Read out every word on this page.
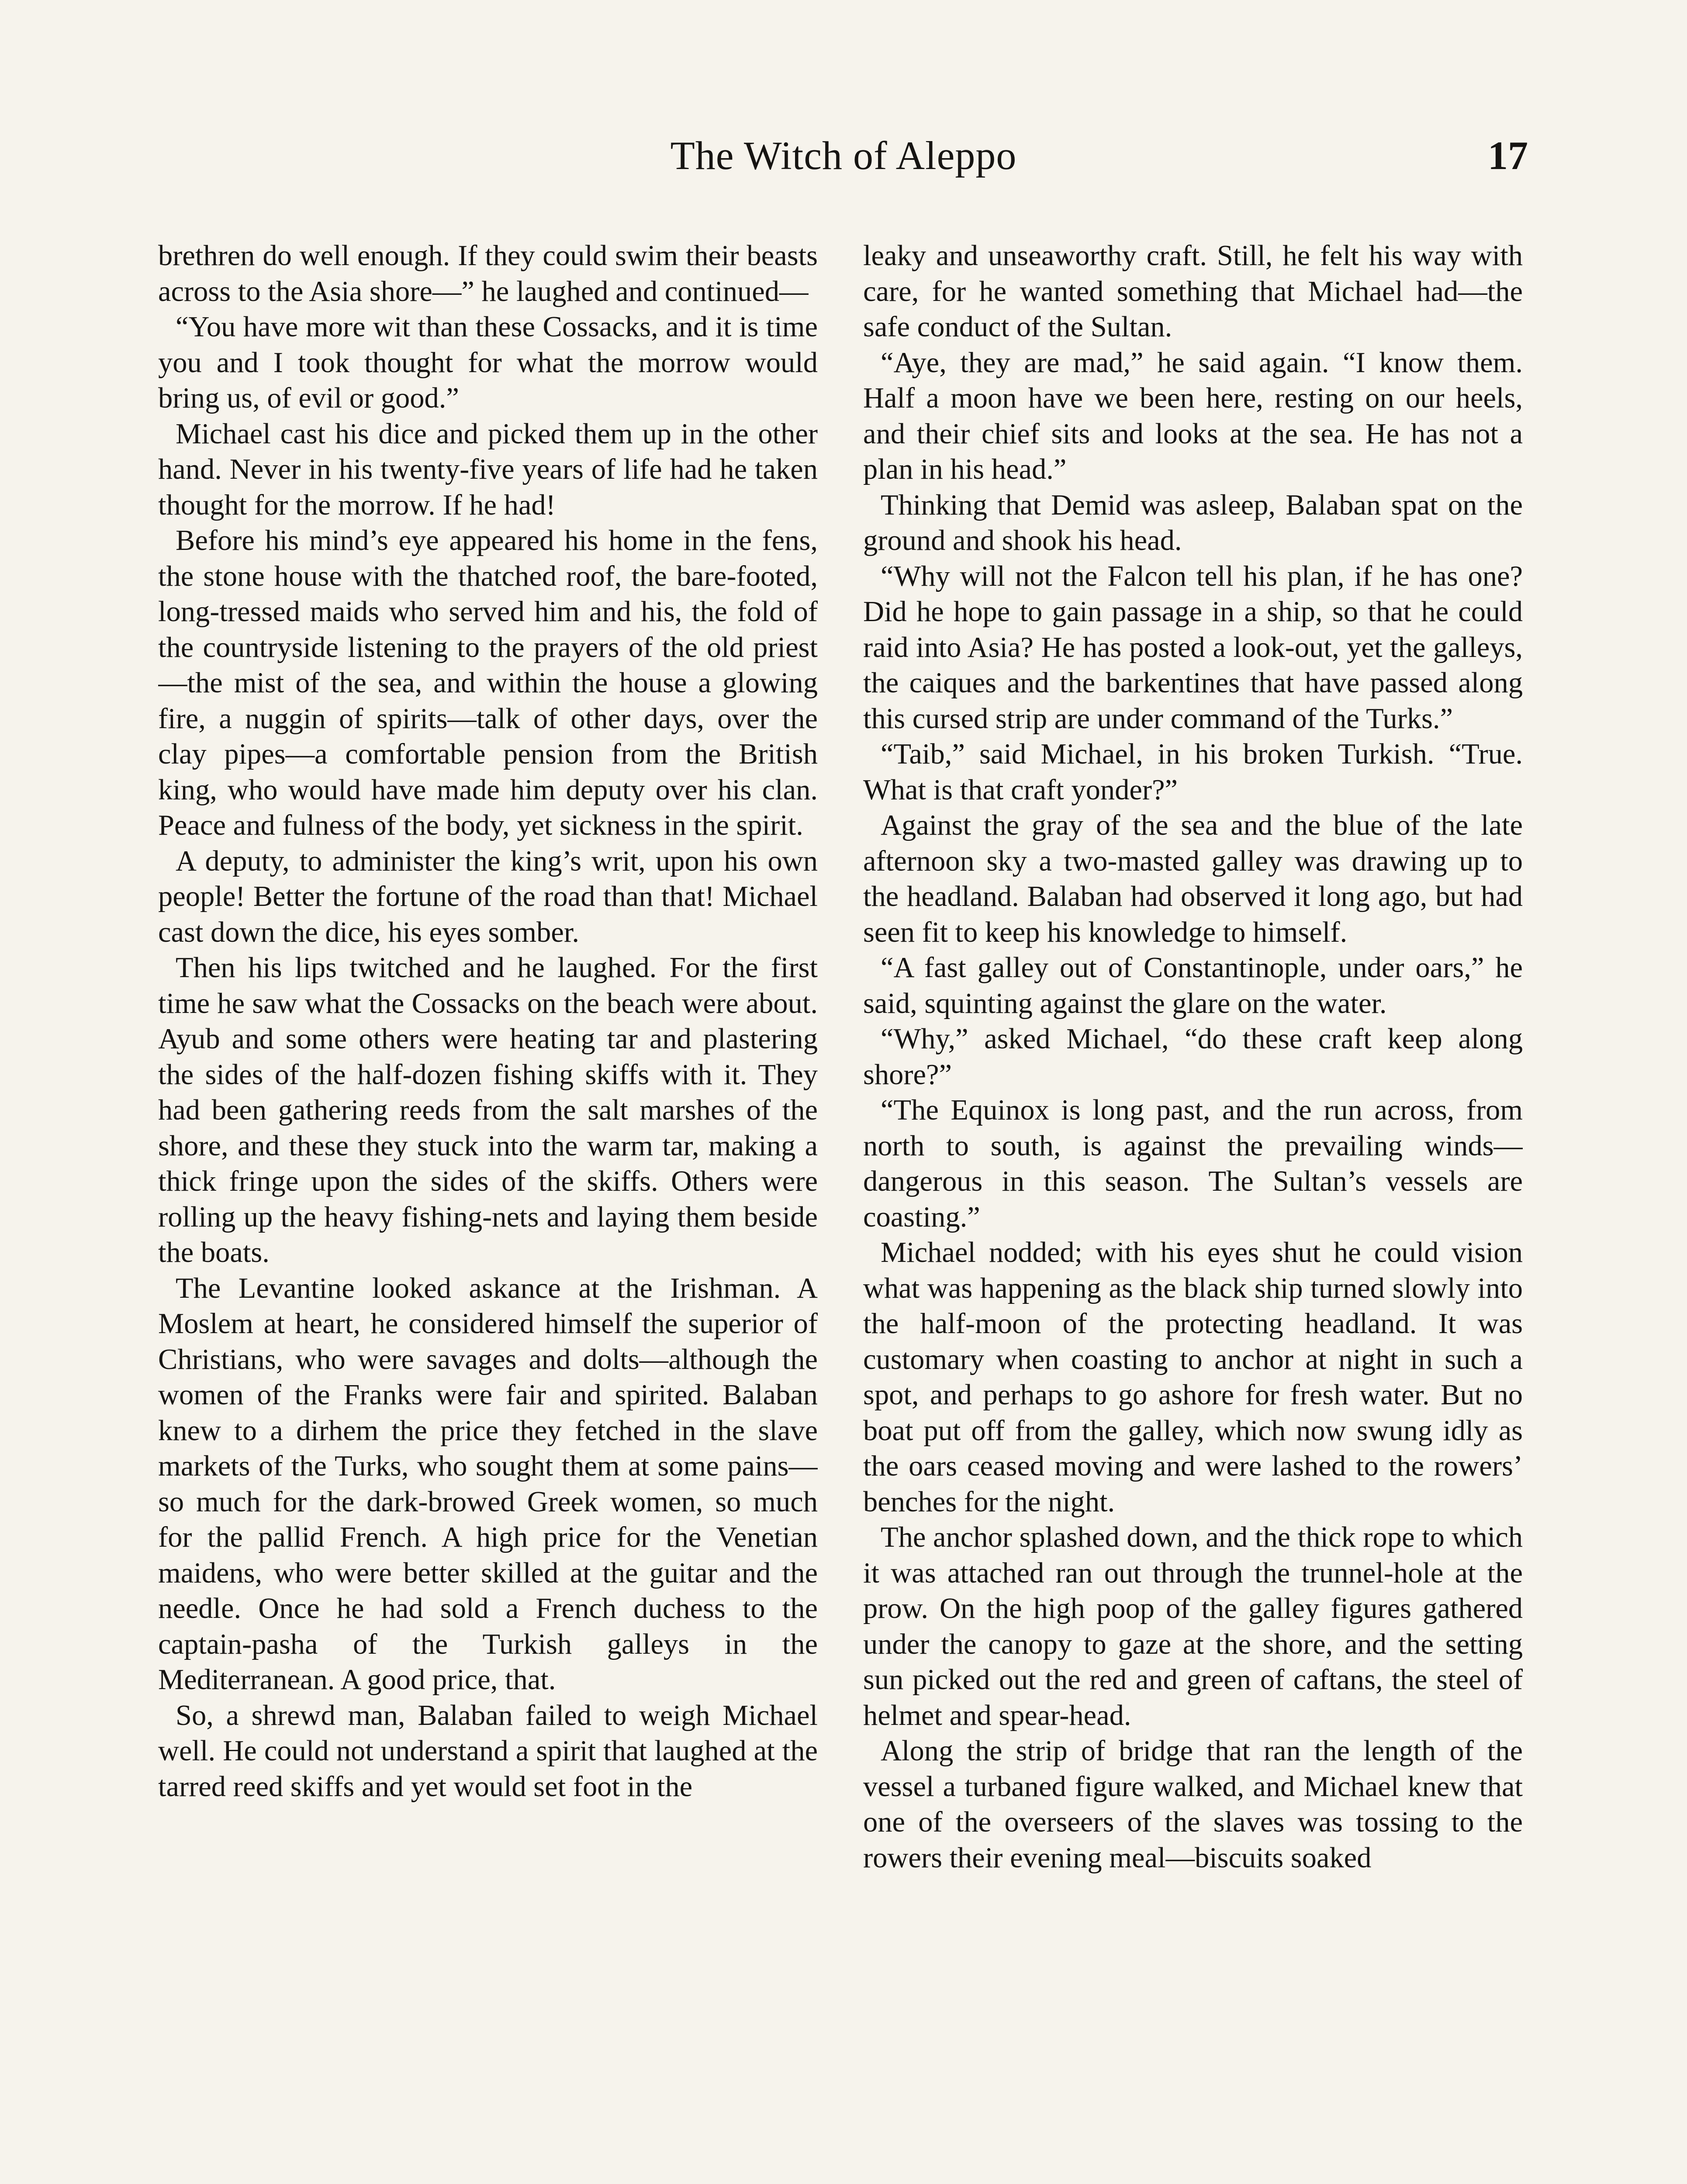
The Witch of Aleppo	17

brethren do well enough. If they could swim their beasts across to the Asia shore—” he laughed and continued—

“You have more wit than these Cossacks, and it is time you and I took thought for what the morrow would bring us, of evil or good.”

Michael cast his dice and picked them up in the other hand. Never in his twenty-five years of life had he taken thought for the morrow. If he had!

Before his mind’s eye appeared his home in the fens, the stone house with the thatched roof, the bare-footed, long-tressed maids who served him and his, the fold of the countryside listening to the prayers of the old priest—the mist of the sea, and within the house a glowing fire, a nuggin of spirits—talk of other days, over the clay pipes—a comfortable pension from the British king, who would have made him deputy over his clan. Peace and fulness of the body, yet sickness in the spirit.

A deputy, to administer the king’s writ, upon his own people! Better the fortune of the road than that! Michael cast down the dice, his eyes somber.

Then his lips twitched and he laughed. For the first time he saw what the Cossacks on the beach were about. Ayub and some others were heating tar and plastering the sides of the half-dozen fishing skiffs with it. They had been gathering reeds from the salt marshes of the shore, and these they stuck into the warm tar, making a thick fringe upon the sides of the skiffs. Others were rolling up the heavy fishing-nets and laying them beside the boats.

The Levantine looked askance at the Irishman. A Moslem at heart, he considered himself the superior of Christians, who were savages and dolts—although the women of the Franks were fair and spirited. Balaban knew to a dirhem the price they fetched in the slave markets of the Turks, who sought them at some pains—so much for the dark-browed Greek women, so much for the pallid French. A high price for the Venetian maidens, who were better skilled at the guitar and the needle. Once he had sold a French duchess to the captain-pasha of the Turkish galleys in the Mediterranean. A good price, that.

So, a shrewd man, Balaban failed to weigh Michael well. He could not understand a spirit that laughed at the tarred reed skiffs and yet would set foot in the

leaky and unseaworthy craft. Still, he felt his way with care, for he wanted something that Michael had—the safe conduct of the Sultan.

“Aye, they are mad,” he said again. “I know them. Half a moon have we been here, resting on our heels, and their chief sits and looks at the sea. He has not a plan in his head.”

Thinking that Demid was asleep, Balaban spat on the ground and shook his head.

“Why will not the Falcon tell his plan, if he has one? Did he hope to gain passage in a ship, so that he could raid into Asia? He has posted a look-out, yet the galleys, the caiques and the barkentines that have passed along this cursed strip are under command of the Turks.”

“Taib,” said Michael, in his broken Turkish. “True. What is that craft yonder?”

Against the gray of the sea and the blue of the late afternoon sky a two-masted galley was drawing up to the headland. Balaban had observed it long ago, but had seen fit to keep his knowledge to himself.

“A fast galley out of Constantinople, under oars,” he said, squinting against the glare on the water.

“Why,” asked Michael, “do these craft keep along shore?”

“The Equinox is long past, and the run across, from north to south, is against the prevailing winds—dangerous in this season. The Sultan’s vessels are coasting.”

Michael nodded; with his eyes shut he could vision what was happening as the black ship turned slowly into the half-moon of the protecting headland. It was customary when coasting to anchor at night in such a spot, and perhaps to go ashore for fresh water. But no boat put off from the galley, which now swung idly as the oars ceased moving and were lashed to the rowers’ benches for the night.

The anchor splashed down, and the thick rope to which it was attached ran out through the trunnel-hole at the prow. On the high poop of the galley figures gathered under the canopy to gaze at the shore, and the setting sun picked out the red and green of caftans, the steel of helmet and spear-head.

Along the strip of bridge that ran the length of the vessel a turbaned figure walked, and Michael knew that one of the overseers of the slaves was tossing to the rowers their evening meal—biscuits soaked
